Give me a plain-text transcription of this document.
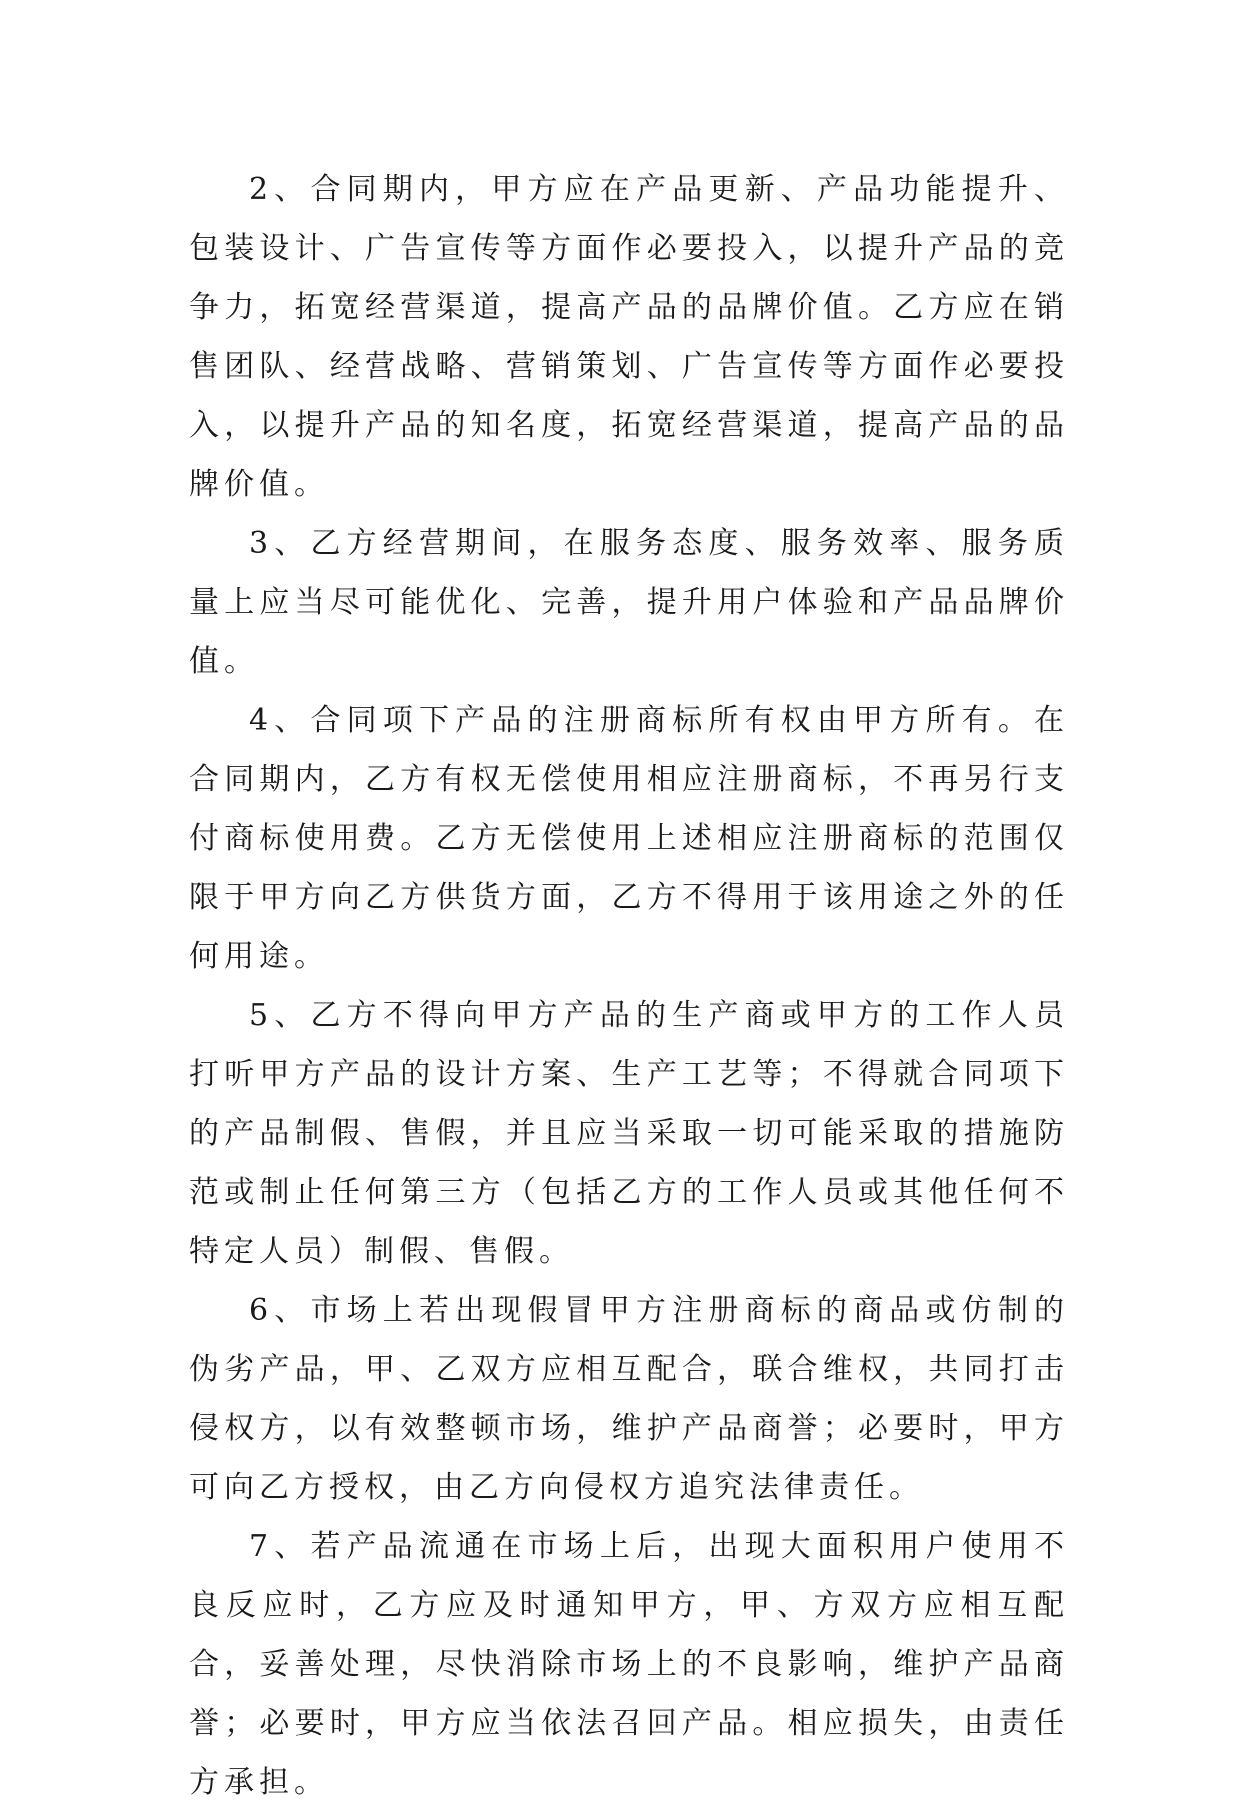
2、合同期内，甲方应在产品更新、产品功能提升、包装设计、广告宣传等方面作必要投入，以提升产品的竞争力，拓宽经营渠道，提高产品的品牌价值。乙方应在销售团队、经营战略、营销策划、广告宣传等方面作必要投入，以提升产品的知名度，拓宽经营渠道，提高产品的品牌价值。

3、乙方经营期间，在服务态度、服务效率、服务质量上应当尽可能优化、完善，提升用户体验和产品品牌价值。

4、合同项下产品的注册商标所有权由甲方所有。在合同期内，乙方有权无偿使用相应注册商标，不再另行支付商标使用费。乙方无偿使用上述相应注册商标的范围仅限于甲方向乙方供货方面，乙方不得用于该用途之外的任何用途。

5、乙方不得向甲方产品的生产商或甲方的工作人员打听甲方产品的设计方案、生产工艺等；不得就合同项下的产品制假、售假，并且应当采取一切可能采取的措施防范或制止任何第三方（包括乙方的工作人员或其他任何不特定人员）制假、售假。

6、市场上若出现假冒甲方注册商标的商品或仿制的伪劣产品，甲、乙双方应相互配合，联合维权，共同打击侵权方，以有效整顿市场，维护产品商誉；必要时，甲方可向乙方授权，由乙方向侵权方追究法律责任。

7、若产品流通在市场上后，出现大面积用户使用不良反应时，乙方应及时通知甲方，甲、方双方应相互配合，妥善处理，尽快消除市场上的不良影响，维护产品商誉；必要时，甲方应当依法召回产品。相应损失，由责任方承担。
